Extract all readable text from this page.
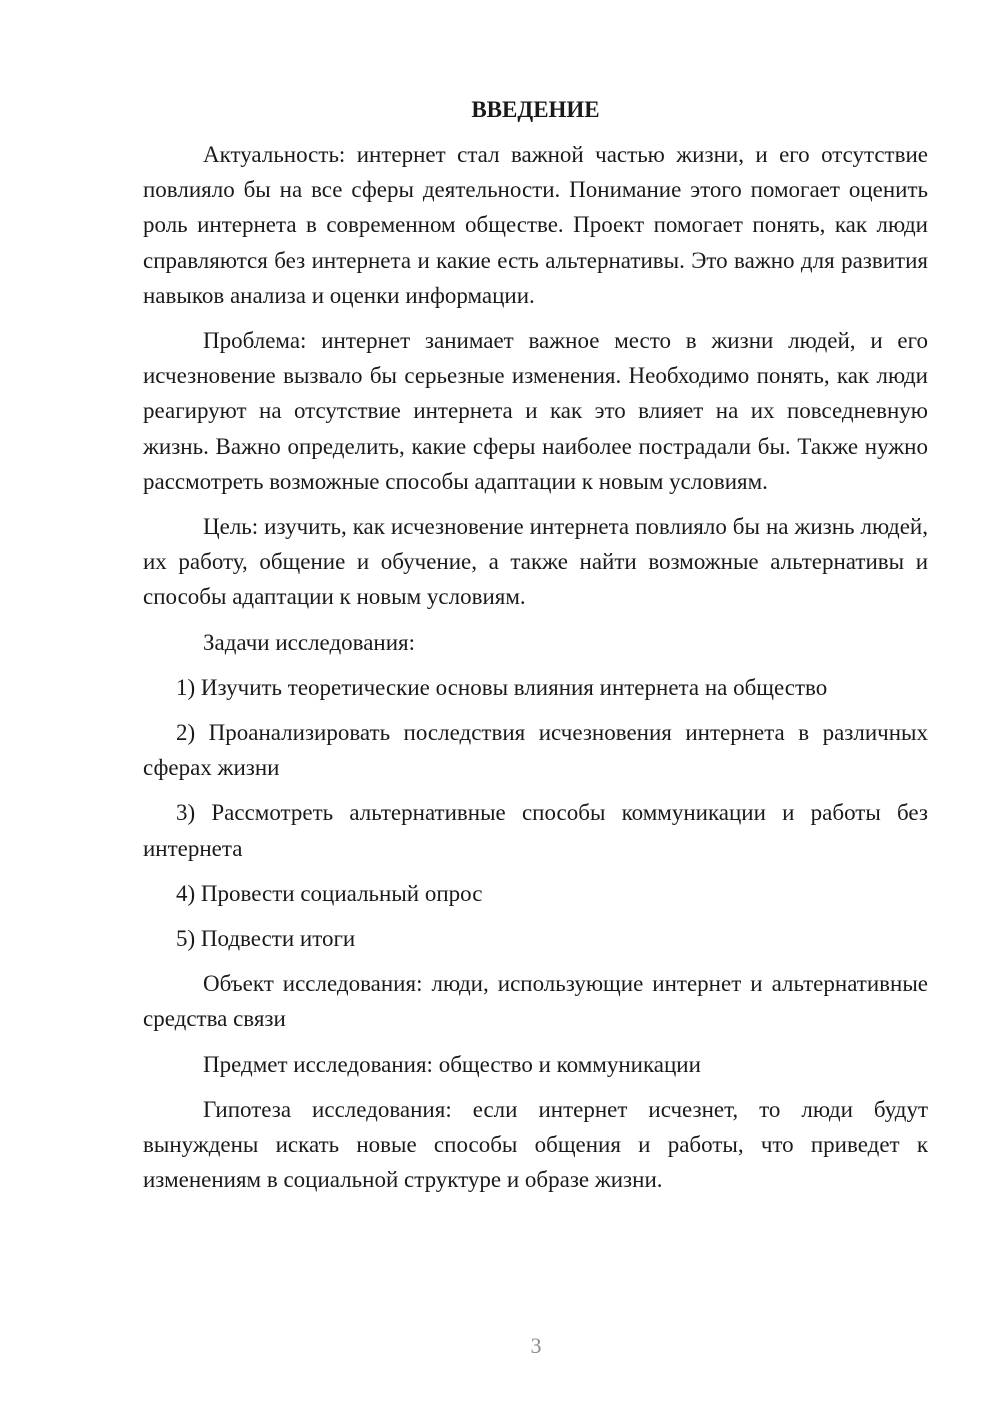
ВВЕДЕНИЕ

Актуальность: интернет стал важной частью жизни, и его отсутствие повлияло бы на все сферы деятельности. Понимание этого помогает оценить роль интернета в современном обществе. Проект помогает понять, как люди справляются без интернета и какие есть альтернативы. Это важно для развития навыков анализа и оценки информации.

Проблема: интернет занимает важное место в жизни людей, и его исчезновение вызвало бы серьезные изменения. Необходимо понять, как люди реагируют на отсутствие интернета и как это влияет на их повседневную жизнь. Важно определить, какие сферы наиболее пострадали бы. Также нужно рассмотреть возможные способы адаптации к новым условиям.

Цель: изучить, как исчезновение интернета повлияло бы на жизнь людей, их работу, общение и обучение, а также найти возможные альтернативы и способы адаптации к новым условиям.

Задачи исследования:

1) Изучить теоретические основы влияния интернета на общество

2) Проанализировать последствия исчезновения интернета в различных сферах жизни

3) Рассмотреть альтернативные способы коммуникации и работы без интернета

4) Провести социальный опрос

5) Подвести итоги

Объект исследования: люди, использующие интернет и альтернативные средства связи

Предмет исследования: общество и коммуникации

Гипотеза исследования: если интернет исчезнет, то люди будут вынуждены искать новые способы общения и работы, что приведет к изменениям в социальной структуре и образе жизни.

3
